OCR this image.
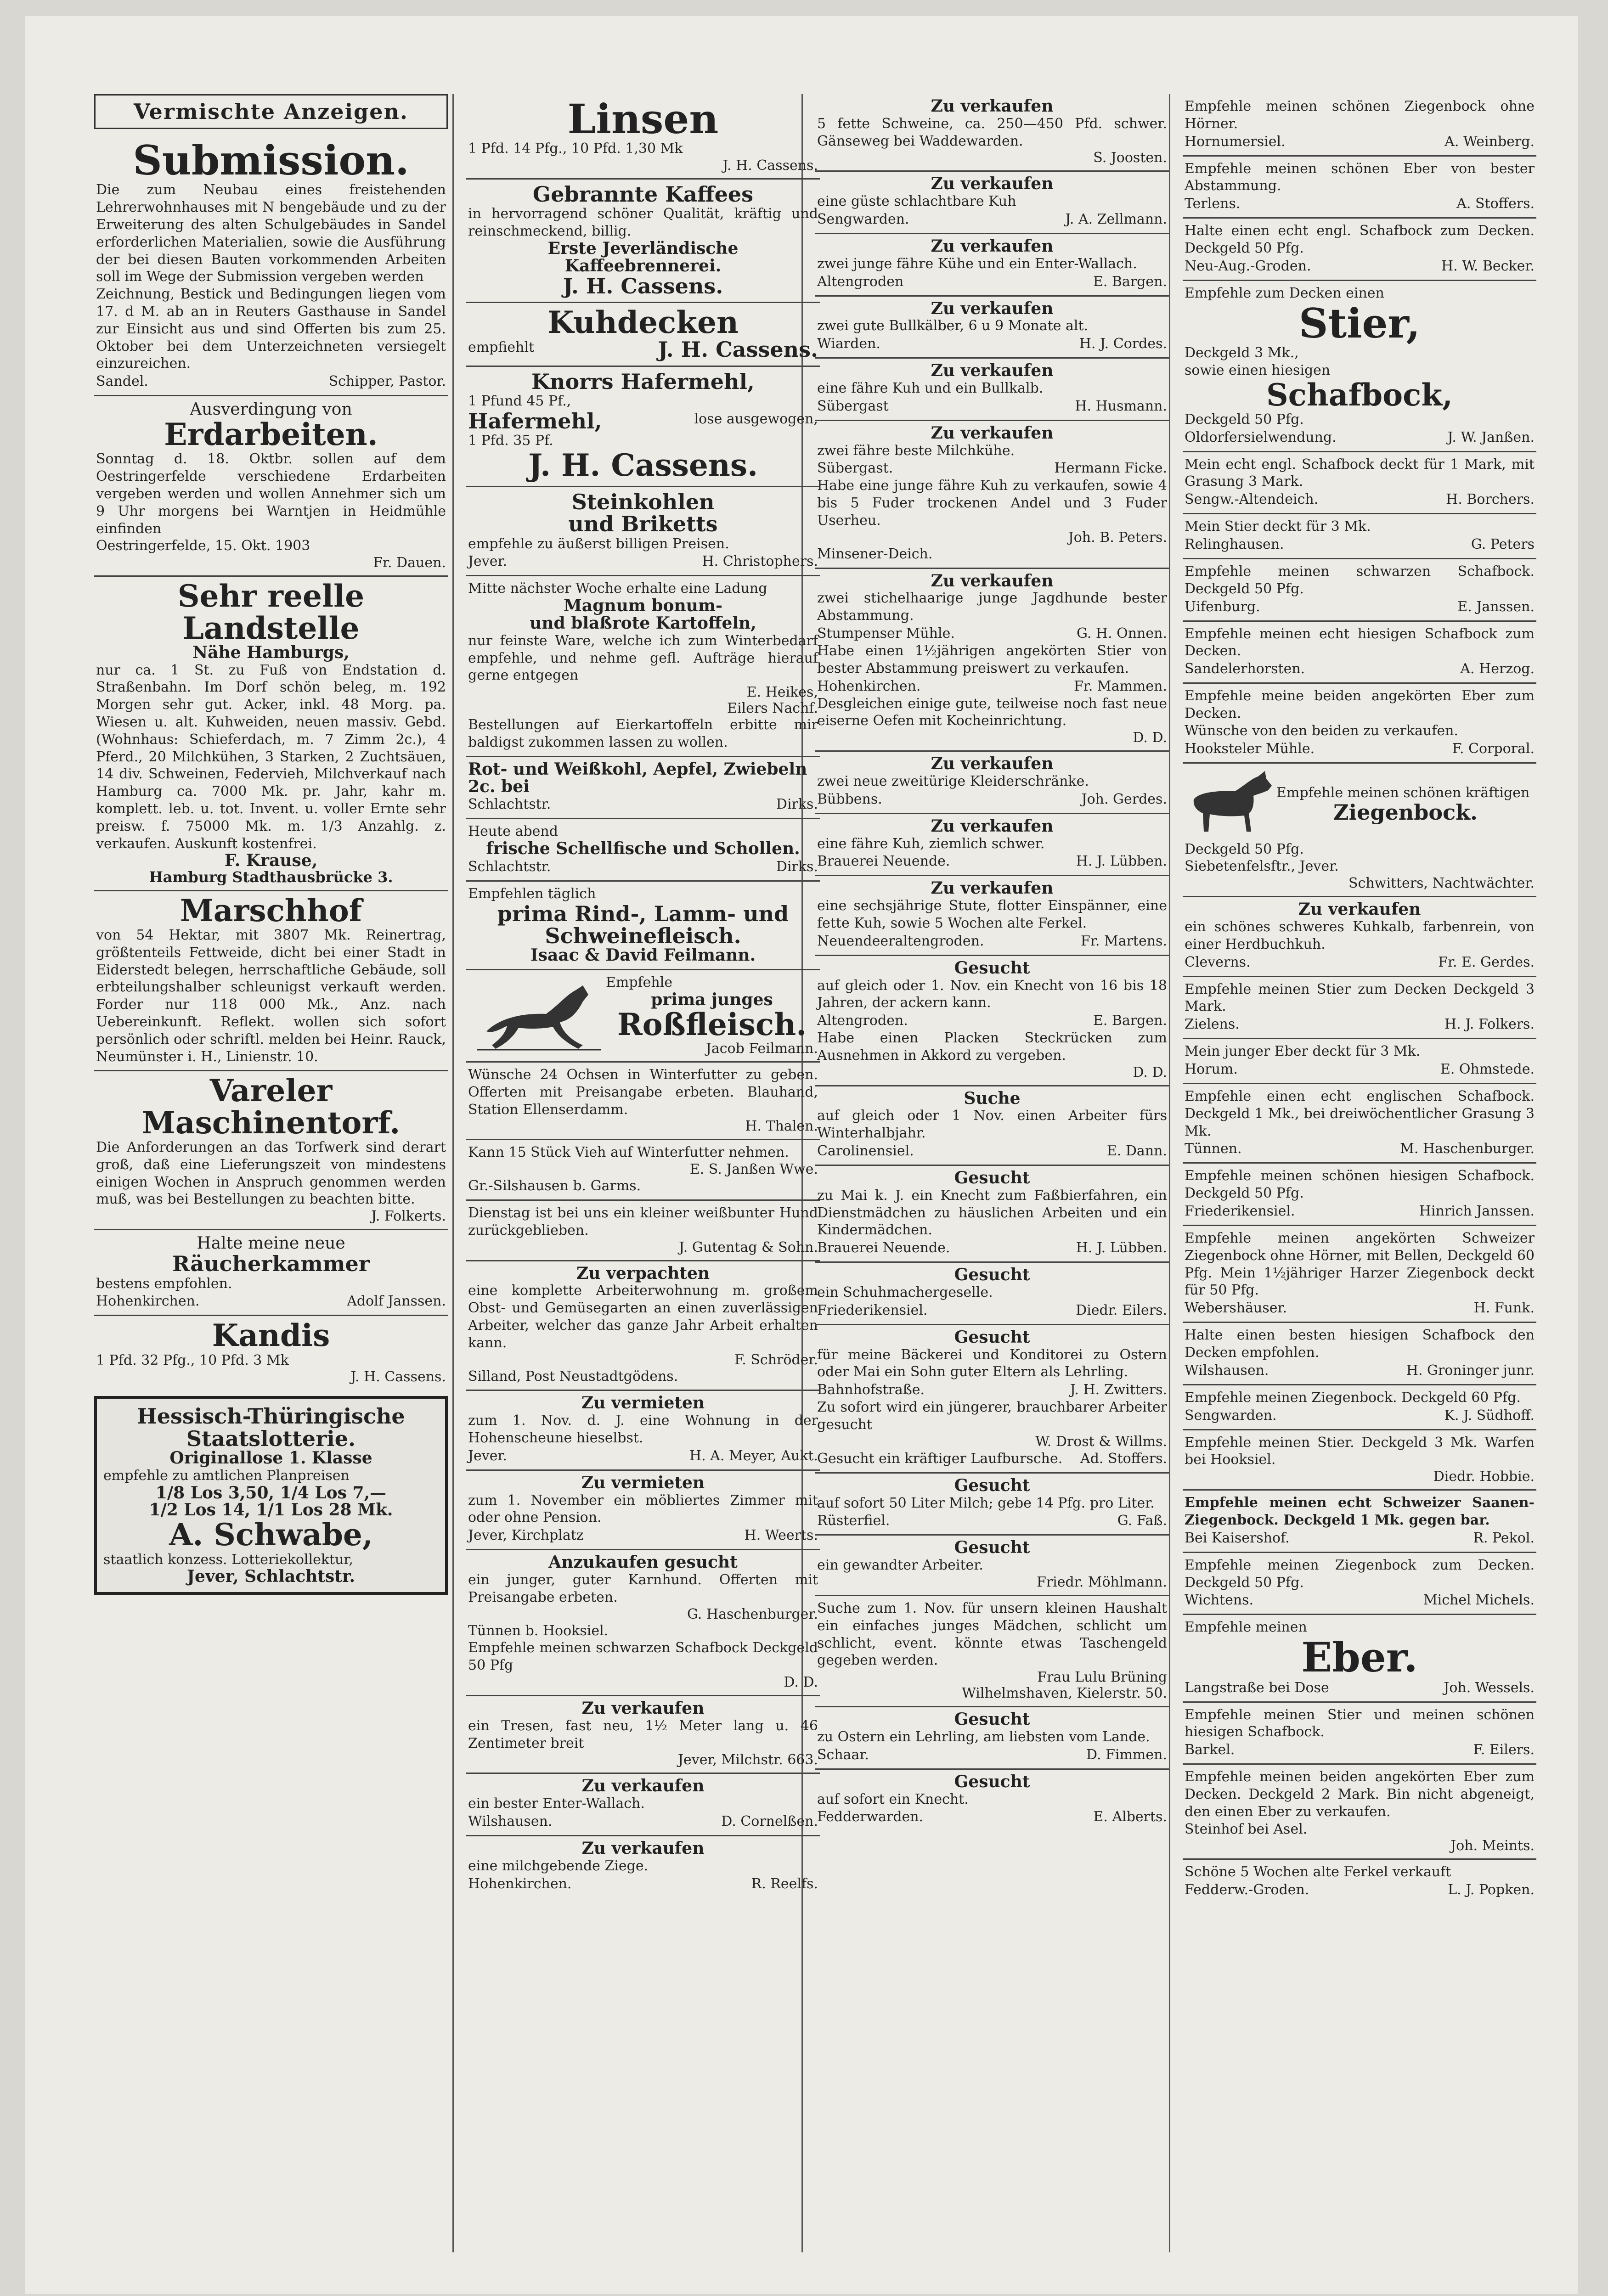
Vermischte Anzeigen.
Submission.
Die zum Neubau eines freistehenden Lehrerwohnhauses mit N bengebäude und zu der Erweiterung des alten Schulgebäudes in Sandel erforderlichen Materialien, sowie die Ausführung der bei diesen Bauten vorkommenden Arbeiten soll im Wege der Submission vergeben werden
Zeichnung, Bestick und Bedingungen liegen vom 17. d M. ab an in Reuters Gasthause in Sandel zur Einsicht aus und sind Offerten bis zum 25. Oktober bei dem Unterzeichneten versiegelt einzureichen.
Sandel.	Schipper, Pastor.
Ausverdingung von
Erdarbeiten.
Sonntag d. 18. Oktbr. sollen auf dem Oestringerfelde verschiedene Erdarbeiten vergeben werden und wollen Annehmer sich um 9 Uhr morgens bei Warntjen in Heidmühle einfinden
Oestringerfelde, 15. Okt. 1903
Fr. Dauen.
Sehr reelle Landstelle
Nähe Hamburgs,
nur ca. 1 St. zu Fuß von Endstation d. Straßenbahn. Im Dorf schön beleg, m. 192 Morgen sehr gut. Acker, inkl. 48 Morg. pa. Wiesen u. alt. Kuhweiden, neuen massiv. Gebd. (Wohnhaus: Schieferdach, m. 7 Zimm 2c.), 4 Pferd., 20 Milchkühen, 3 Starken, 2 Zuchtsäuen, 14 div. Schweinen, Federvieh, Milchverkauf nach Hamburg ca. 7000 Mk. pr. Jahr, kahr m. komplett. leb. u. tot. Invent. u. voller Ernte sehr preisw. f. 75000 Mk. m. 1/3 Anzahlg. z. verkaufen. Auskunft kostenfrei.
F. Krause,
Hamburg Stadthausbrücke 3.
Marschhof
von 54 Hektar, mit 3807 Mk. Reinertrag, größtenteils Fettweide, dicht bei einer Stadt in Eiderstedt belegen, herrschaftliche Gebäude, soll erbteilungshalber schleunigst verkauft werden. Forder nur 118 000 Mk., Anz. nach Uebereinkunft. Reflekt. wollen sich sofort persönlich oder schriftl. melden bei Heinr. Rauck, Neumünster i. H., Linienstr. 10.
Vareler
Maschinentorf.
Die Anforderungen an das Torfwerk sind derart groß, daß eine Lieferungszeit von mindestens einigen Wochen in Anspruch genommen werden muß, was bei Bestellungen zu beachten bitte.
J. Folkerts.
Halte meine neue
Räucherkammer
bestens empfohlen.
Hohenkirchen.	Adolf Janssen.
Kandis
1 Pfd. 32 Pfg., 10 Pfd. 3 Mk
J. H. Cassens.
Hessisch-Thüringische
Staatslotterie.
Originallose 1. Klasse
empfehle zu amtlichen Planpreisen
1/8 Los 3,50, 1/4 Los 7,—
1/2 Los 14, 1/1 Los 28 Mk.
A. Schwabe,
staatlich konzess. Lotteriekollektur,
Jever, Schlachtstr.
Linsen
1 Pfd. 14 Pfg., 10 Pfd. 1,30 Mk
J. H. Cassens.
Gebrannte Kaffees
in hervorragend schöner Qualität, kräftig und reinschmeckend, billig.
Erste Jeverländische Kaffeebrennerei.
J. H. Cassens.
Kuhdecken
empfiehlt	J. H. Cassens.
Knorrs Hafermehl,
1 Pfund 45 Pf.,
Hafermehl,	lose ausgewogen,
1 Pfd. 35 Pf.
J. H. Cassens.
Steinkohlen
und Briketts
empfehle zu äußerst billigen Preisen.
Jever.	H. Christophers.
Mitte nächster Woche erhalte eine Ladung
Magnum bonum-
und blaßrote Kartoffeln,
nur feinste Ware, welche ich zum Winterbedarf empfehle, und nehme gefl. Aufträge hierauf gerne entgegen
E. Heikes,
Eilers Nachf.
Bestellungen auf Eierkartoffeln erbitte mir baldigst zukommen lassen zu wollen.
Rot- und Weißkohl, Aepfel, Zwiebeln 2c. bei
Schlachtstr.	Dirks.
Heute abend
frische Schellfische und Schollen.
Schlachtstr.	Dirks.
Empfehlen täglich
prima Rind-, Lamm- und Schweinefleisch.
Isaac & David Feilmann.
Empfehle
prima junges
Roßfleisch.
Jacob Feilmann.
Wünsche 24 Ochsen in Winterfutter zu geben. Offerten mit Preisangabe erbeten. Blauhand, Station Ellenserdamm.
H. Thalen.
Kann 15 Stück Vieh auf Winterfutter nehmen.
E. S. Janßen Wwe.
Gr.-Silshausen b. Garms.
Dienstag ist bei uns ein kleiner weißbunter Hund zurückgeblieben.
J. Gutentag & Sohn.
Zu verpachten
eine komplette Arbeiterwohnung m. großem Obst- und Gemüsegarten an einen zuverlässigen Arbeiter, welcher das ganze Jahr Arbeit erhalten kann.
F. Schröder.
Silland, Post Neustadtgödens.
Zu vermieten
zum 1. Nov. d. J. eine Wohnung in der Hohenscheune hieselbst.
Jever.	H. A. Meyer, Aukt.
Zu vermieten
zum 1. November ein möbliertes Zimmer mit oder ohne Pension.
Jever, Kirchplatz	H. Weerts.
Anzukaufen gesucht
ein junger, guter Karnhund. Offerten mit Preisangabe erbeten.
G. Haschenburger.
Tünnen b. Hooksiel.
Empfehle meinen schwarzen Schafbock Deckgeld 50 Pfg
D. D.
Zu verkaufen
ein Tresen, fast neu, 1½ Meter lang u. 46 Zentimeter breit
Jever, Milchstr. 663.
Zu verkaufen
ein bester Enter-Wallach.
Wilshausen.	D. Cornelßen.
Zu verkaufen
eine milchgebende Ziege.
Hohenkirchen.	R. Reelfs.
Zu verkaufen
5 fette Schweine, ca. 250—450 Pfd. schwer. Gänseweg bei Waddewarden.
S. Joosten.
Zu verkaufen
eine güste schlachtbare Kuh
Sengwarden.	J. A. Zellmann.
Zu verkaufen
zwei junge fähre Kühe und ein Enter-Wallach.
Altengroden	E. Bargen.
Zu verkaufen
zwei gute Bullkälber, 6 u 9 Monate alt.
Wiarden.	H. J. Cordes.
Zu verkaufen
eine fähre Kuh und ein Bullkalb.
Sübergast	H. Husmann.
Zu verkaufen
zwei fähre beste Milchkühe.
Sübergast.	Hermann Ficke.
Habe eine junge fähre Kuh zu verkaufen, sowie 4 bis 5 Fuder trockenen Andel und 3 Fuder Userheu.
Joh. B. Peters.
Minsener-Deich.
Zu verkaufen
zwei stichelhaarige junge Jagdhunde bester Abstammung.
Stumpenser Mühle.	G. H. Onnen.
Habe einen 1½jährigen angekörten Stier von bester Abstammung preiswert zu verkaufen.
Hohenkirchen.	Fr. Mammen.
Desgleichen einige gute, teilweise noch fast neue eiserne Oefen mit Kocheinrichtung.
D. D.
Zu verkaufen
zwei neue zweitürige Kleiderschränke.
Bübbens.	Joh. Gerdes.
Zu verkaufen
eine fähre Kuh, ziemlich schwer.
Brauerei Neuende.	H. J. Lübben.
Zu verkaufen
eine sechsjährige Stute, flotter Einspänner, eine fette Kuh, sowie 5 Wochen alte Ferkel.
Neuendeeraltengroden.	Fr. Martens.
Gesucht
auf gleich oder 1. Nov. ein Knecht von 16 bis 18 Jahren, der ackern kann.
Altengroden.	E. Bargen.
Habe einen Placken Steckrücken zum Ausnehmen in Akkord zu vergeben.
D. D.
Suche
auf gleich oder 1 Nov. einen Arbeiter fürs Winterhalbjahr.
Carolinensiel.	E. Dann.
Gesucht
zu Mai k. J. ein Knecht zum Faßbierfahren, ein Dienstmädchen zu häuslichen Arbeiten und ein Kindermädchen.
Brauerei Neuende.	H. J. Lübben.
Gesucht
ein Schuhmachergeselle.
Friederikensiel.	Diedr. Eilers.
Gesucht
für meine Bäckerei und Konditorei zu Ostern oder Mai ein Sohn guter Eltern als Lehrling.
Bahnhofstraße.	J. H. Zwitters.
Zu sofort wird ein jüngerer, brauchbarer Arbeiter gesucht
W. Drost & Willms.
Gesucht ein kräftiger Laufbursche. Ad. Stoffers.
Gesucht
auf sofort 50 Liter Milch; gebe 14 Pfg. pro Liter.
Rüsterfiel.	G. Faß.
Gesucht
ein gewandter Arbeiter.
Friedr. Möhlmann.
Suche zum 1. Nov. für unsern kleinen Haushalt ein einfaches junges Mädchen, schlicht um schlicht, event. könnte etwas Taschengeld gegeben werden.
Frau Lulu Brüning
Wilhelmshaven, Kielerstr. 50.
Gesucht
zu Ostern ein Lehrling, am liebsten vom Lande.
Schaar.	D. Fimmen.
Gesucht
auf sofort ein Knecht.
Fedderwarden.	E. Alberts.
Empfehle meinen schönen Ziegenbock ohne Hörner.
Hornumersiel.	A. Weinberg.
Empfehle meinen schönen Eber von bester Abstammung.
Terlens.	A. Stoffers.
Halte einen echt engl. Schafbock zum Decken. Deckgeld 50 Pfg.
Neu-Aug.-Groden.	H. W. Becker.
Empfehle zum Decken einen
Stier,
Deckgeld 3 Mk.,
sowie einen hiesigen
Schafbock,
Deckgeld 50 Pfg.
Oldorfersielwendung.	J. W. Janßen.
Mein echt engl. Schafbock deckt für 1 Mark, mit Grasung 3 Mark.
Sengw.-Altendeich.	H. Borchers.
Mein Stier deckt für 3 Mk.
Relinghausen.	G. Peters
Empfehle meinen schwarzen Schafbock. Deckgeld 50 Pfg.
Uifenburg.	E. Janssen.
Empfehle meinen echt hiesigen Schafbock zum Decken.
Sandelerhorsten.	A. Herzog.
Empfehle meine beiden angekörten Eber zum Decken.
Wünsche von den beiden zu verkaufen.
Hooksteler Mühle.	F. Corporal.
Empfehle meinen schönen kräftigen
Ziegenbock.
Deckgeld 50 Pfg.
Siebetenfelsftr., Jever.
Schwitters, Nachtwächter.
Zu verkaufen
ein schönes schweres Kuhkalb, farbenrein, von einer Herdbuchkuh.
Cleverns.	Fr. E. Gerdes.
Empfehle meinen Stier zum Decken Deckgeld 3 Mark.
Zielens.	H. J. Folkers.
Mein junger Eber deckt für 3 Mk.
Horum.	E. Ohmstede.
Empfehle einen echt englischen Schafbock. Deckgeld 1 Mk., bei dreiwöchentlicher Grasung 3 Mk.
Tünnen.	M. Haschenburger.
Empfehle meinen schönen hiesigen Schafbock. Deckgeld 50 Pfg.
Friederikensiel.	Hinrich Janssen.
Empfehle meinen angekörten Schweizer Ziegenbock ohne Hörner, mit Bellen, Deckgeld 60 Pfg. Mein 1½jähriger Harzer Ziegenbock deckt für 50 Pfg.
Webershäuser.	H. Funk.
Halte einen besten hiesigen Schafbock den Decken empfohlen.
Wilshausen.	H. Groninger junr.
Empfehle meinen Ziegenbock. Deckgeld 60 Pfg.
Sengwarden.	K. J. Südhoff.
Empfehle meinen Stier. Deckgeld 3 Mk. Warfen bei Hooksiel.
Diedr. Hobbie.
Empfehle meinen echt Schweizer Saanen-Ziegenbock. Deckgeld 1 Mk. gegen bar.
Bei Kaisershof.	R. Pekol.
Empfehle meinen Ziegenbock zum Decken. Deckgeld 50 Pfg.
Wichtens.	Michel Michels.
Empfehle meinen
Eber.
Langstraße bei Dose	Joh. Wessels.
Empfehle meinen Stier und meinen schönen hiesigen Schafbock.
Barkel.	F. Eilers.
Empfehle meinen beiden angekörten Eber zum Decken. Deckgeld 2 Mark. Bin nicht abgeneigt, den einen Eber zu verkaufen.
Steinhof bei Asel.
Joh. Meints.
Schöne 5 Wochen alte Ferkel verkauft
Fedderw.-Groden.	L. J. Popken.
